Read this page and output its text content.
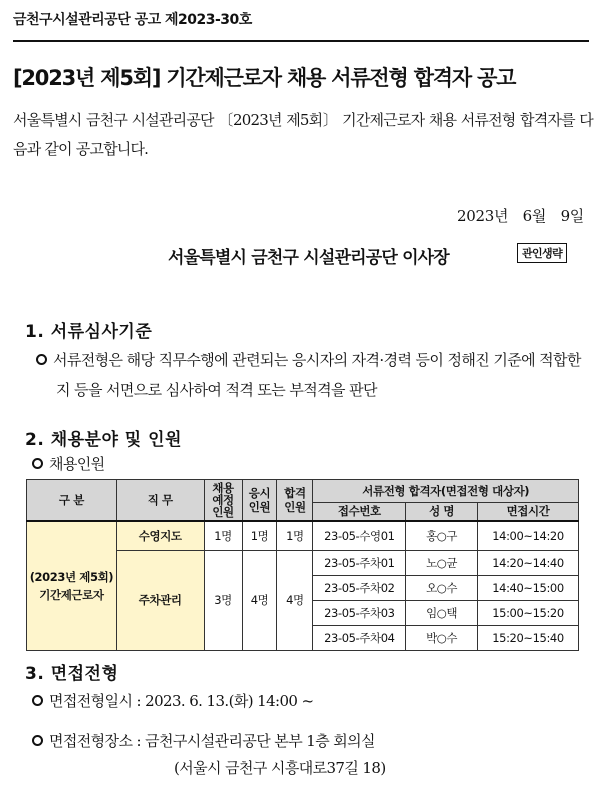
금천구시설관리공단 공고 제2023-30호
[2023년 제5회] 기간제근로자 채용 서류전형 합격자 공고
서울특별시 금천구 시설관리공단 〔2023년 제5회〕 기간제근로자 채용 서류전형 합격자를 다음과 같이 공고합니다.
2023년 6월 9일
서울특별시 금천구 시설관리공단 이사장	관인생략
1. 서류심사기준
서류전형은 해당 직무수행에 관련되는 응시자의 자격·경력 등이 정해진 기준에 적합한지 등을 서면으로 심사하여 적격 또는 부적격을 판단
2. 채용분야 및 인원
채용인원
구 분	직 무	채용예정인원	응시인원	합격인원	서류전형 합격자(면접전형 대상자)		
					접수번호	성 명	면접시간
(2023년 제5회) 기간제근로자	수영지도	1명	1명	1명	23-05-수영01	홍○구	14:00~14:20
	주차관리	3명	4명	4명	23-05-주차01	노○균	14:20~14:40
					23-05-주차02	오○수	14:40~15:00
					23-05-주차03	임○택	15:00~15:20
					23-05-주차04	박○수	15:20~15:40
3. 면접전형
면접전형일시 : 2023. 6. 13.(화) 14:00 ~
면접전형장소 : 금천구시설관리공단 본부 1층 회의실
(서울시 금천구 시흥대로37길 18)
